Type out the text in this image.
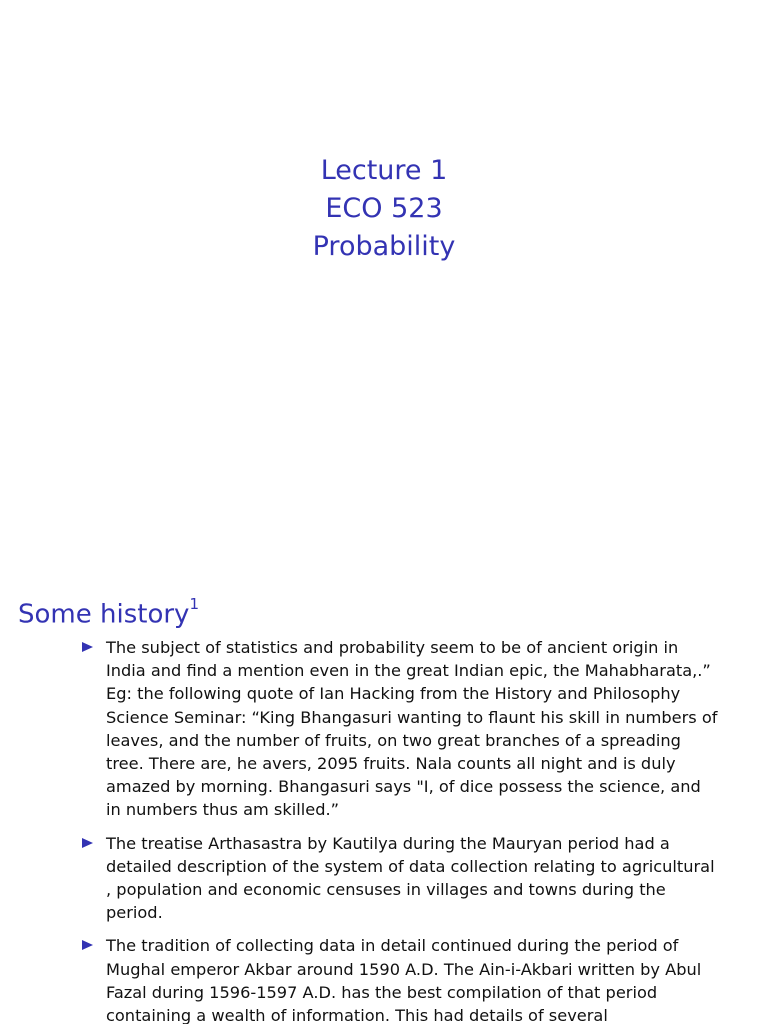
Lecture 1
ECO 523
Probability
Some history$^1$
The subject of statistics and probability seem to be of ancient origin in India and find a mention even in the great Indian epic, the Mahabharata,.” Eg: the following quote of Ian Hacking from the History and Philosophy Science Seminar: “King Bhangasuri wanting to flaunt his skill in numbers of leaves, and the number of fruits, on two great branches of a spreading tree. There are, he avers, 2095 fruits. Nala counts all night and is duly amazed by morning. Bhangasuri says "I, of dice possess the science, and in numbers thus am skilled.”
The treatise Arthasastra by Kautilya during the Mauryan period had a detailed description of the system of data collection relating to agricultural , population and economic censuses in villages and towns during the period.
The tradition of collecting data in detail continued during the period of Mughal emperor Akbar around 1590 A.D. The Ain-i-Akbari written by Abul Fazal during 1596-1597 A.D. has the best compilation of that period containing a wealth of information. This had details of several
